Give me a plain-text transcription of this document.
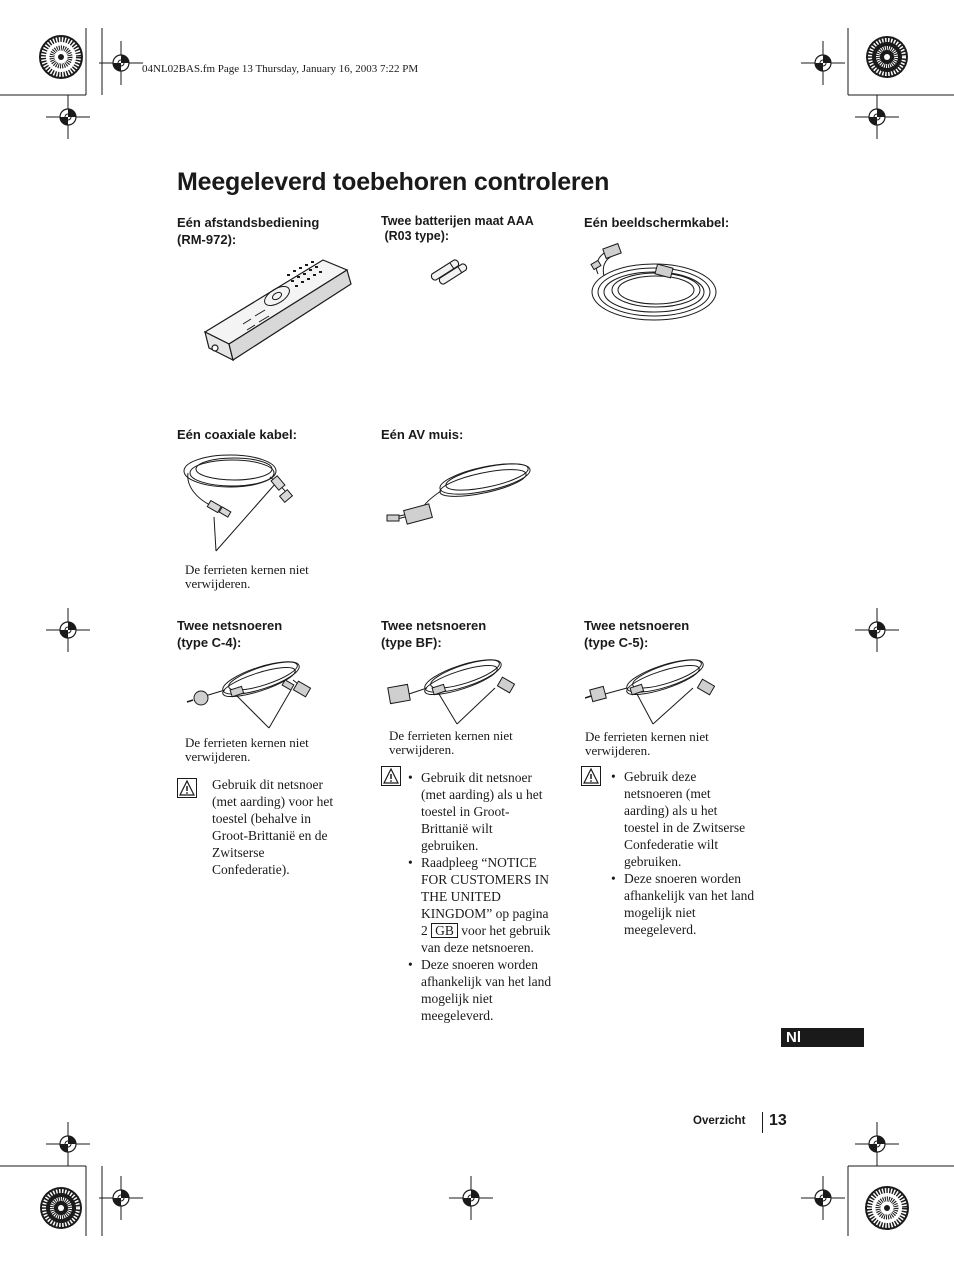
04NL02BAS.fm Page 13 Thursday, January 16, 2003 7:22 PM
Meegeleverd toebehoren controleren
Eén afstandsbediening
(RM-972):
Twee batterijen maat AAA
(R03 type):
Eén beeldschermkabel:
Eén coaxiale kabel:	Eén AV muis:
De ferrieten kernen niet
verwijderen.
Twee netsnoeren
(type C-4):
Twee netsnoeren
(type BF):
Twee netsnoeren
(type C-5):
De ferrieten kernen niet
verwijderen.
De ferrieten kernen niet
verwijderen.
De ferrieten kernen niet
verwijderen.
Gebruik dit netsnoer
(met aarding) voor het
toestel (behalve in
Groot-Brittanië en de
Zwitserse
Confederatie).
• Gebruik dit netsnoer
(met aarding) als u het
toestel in Groot-
Brittanië wilt
gebruiken.
• Raadpleeg “NOTICE
FOR CUSTOMERS IN
THE UNITED
KINGDOM” op pagina
2 GB voor het gebruik
van deze netsnoeren.
• Deze snoeren worden
afhankelijk van het land
mogelijk niet
meegeleverd.
• Gebruik deze
netsnoeren (met
aarding) als u het
toestel in de Zwitserse
Confederatie wilt
gebruiken.
• Deze snoeren worden
afhankelijk van het land
mogelijk niet
meegeleverd.
Nl
Overzicht 13
